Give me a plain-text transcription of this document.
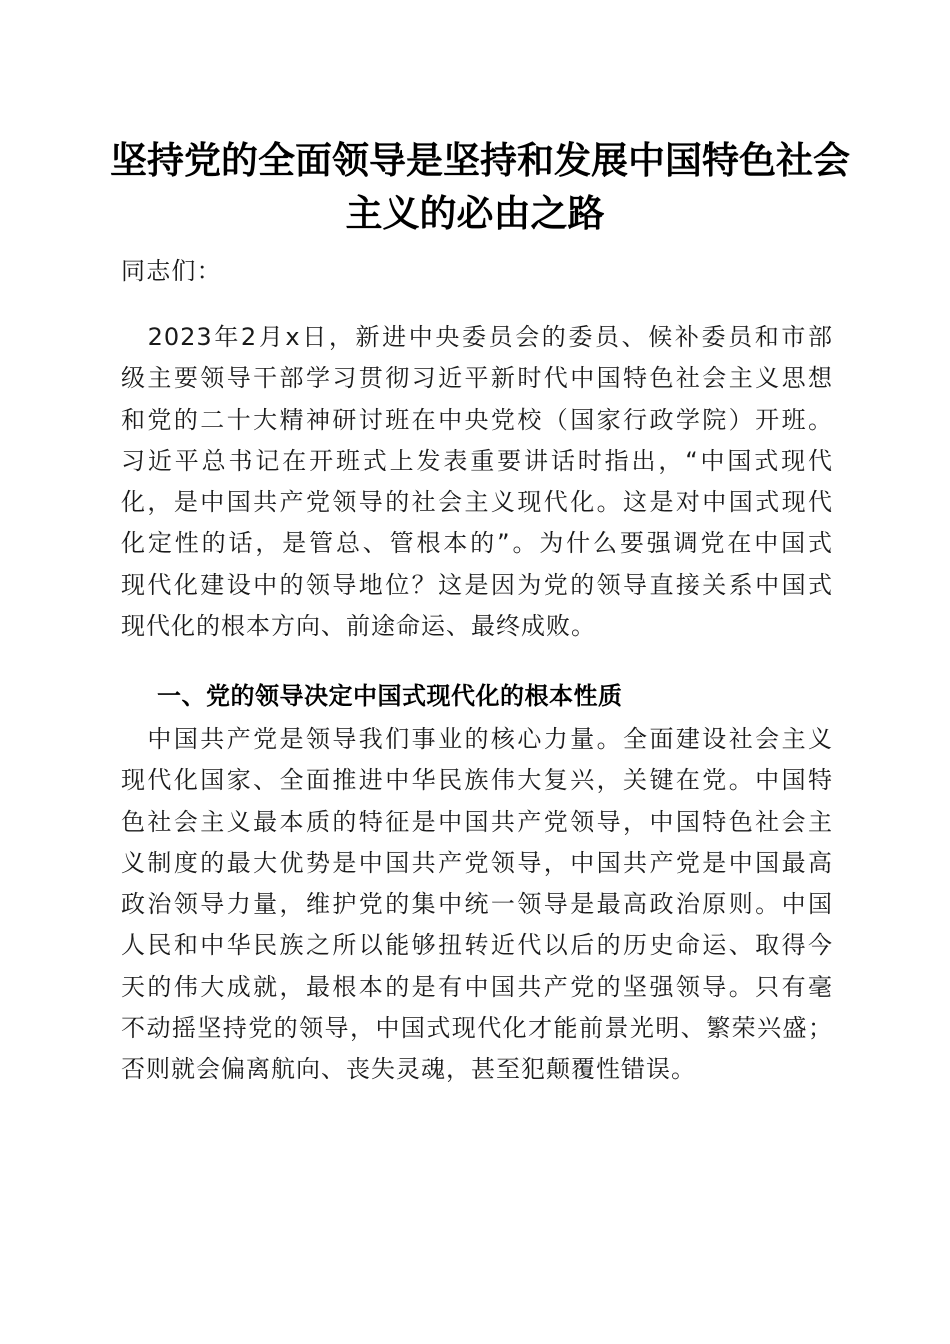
坚持党的全面领导是坚持和发展中国特色社会
主义的必由之路
同志们：
　2023年2月x日，新进中央委员会的委员、候补委员和市部
级主要领导干部学习贯彻习近平新时代中国特色社会主义思想
和党的二十大精神研讨班在中央党校（国家行政学院）开班。
习近平总书记在开班式上发表重要讲话时指出，“中国式现代
化，是中国共产党领导的社会主义现代化。这是对中国式现代
化定性的话，是管总、管根本的”。为什么要强调党在中国式
现代化建设中的领导地位？这是因为党的领导直接关系中国式
现代化的根本方向、前途命运、最终成败。
一、党的领导决定中国式现代化的根本性质
　中国共产党是领导我们事业的核心力量。全面建设社会主义
现代化国家、全面推进中华民族伟大复兴，关键在党。中国特
色社会主义最本质的特征是中国共产党领导，中国特色社会主
义制度的最大优势是中国共产党领导，中国共产党是中国最高
政治领导力量，维护党的集中统一领导是最高政治原则。中国
人民和中华民族之所以能够扭转近代以后的历史命运、取得今
天的伟大成就，最根本的是有中国共产党的坚强领导。只有毫
不动摇坚持党的领导，中国式现代化才能前景光明、繁荣兴盛；
否则就会偏离航向、丧失灵魂，甚至犯颠覆性错误。
